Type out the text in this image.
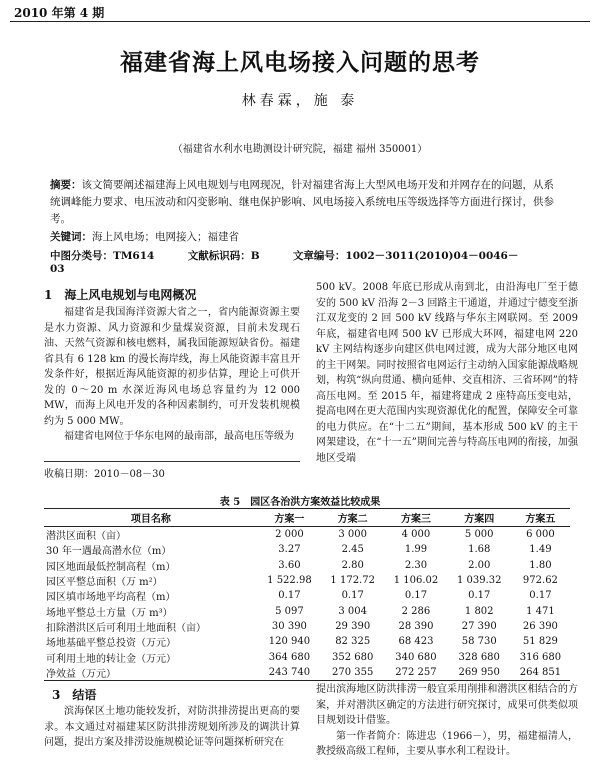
2010 年第 4 期
福建省海上风电场接入问题的思考
林春霖，施 泰
（福建省水利水电勘测设计研究院，福建 福州 350001）
摘要：该文简要阐述福建海上风电规划与电网现况，针对福建省海上大型风电场开发和并网存在的问题，从系统调峰能力要求、电压波动和闪变影响、继电保护影响、风电场接入系统电压等级选择等方面进行探讨，供参考。
关键词：海上风电场；电网接入；福建省
中图分类号：TM614	文献标识码：B	文章编号：1002－3011(2010)04－0046－03
1　海上风电规划与电网概况
福建省是我国海洋资源大省之一，省内能源资源主要是水力资源、风力资源和少量煤炭资源，目前未发现石油、天然气资源和核电燃料，属我国能源短缺省份。福建省具有 6 128 km 的漫长海岸线，海上风能资源丰富且开发条件好，根据近海风能资源的初步估算，理论上可供开发的 0～20 m 水深近海风电场总容量约为 12 000 MW，而海上风电开发的各种因素制约，可开发装机规模约为 5 000 MW。
福建省电网位于华东电网的最南部，最高电压等级为
收稿日期：2010－08－30
500 kV。2008 年底已形成从南到北，由沿海电厂至于德安的 500 kV 沿海 2－3 回路主干通道，并通过宁德变至浙江双龙变的 2 回 500 kV 线路与华东主网联网。至 2009 年底，福建省电网 500 kV 已形成大环网，福建电网 220 kV 主网结构逐步向建区供电网过渡，成为大部分地区电网的主干网架。同时按照省电网运行主动纳入国家能源战略规划，构筑“纵向贯通、横向延伸、交直相济、三省环网”的特高压电网。至 2015 年，福建将建成 2 座特高压变电站，提高电网在更大范围内实现资源优化的配置，保障安全可靠的电力供应。在“十二五”期间，基本形成 500 kV 的主干网架建设，在“十一五”期间完善与特高压电网的衔接，加强地区受端
表 5　园区各治洪方案效益比较成果
项目名称	方案一	方案二	方案三	方案四	方案五
潜洪区面积（亩）	2 000	3 000	4 000	5 000	6 000
30 年一遇最高潜水位（m）	3.27	2.45	1.99	1.68	1.49
园区地面最低控制高程（m）	3.60	2.80	2.30	2.00	1.80
园区平整总面积（万 m²）	1 522.98	1 172.72	1 106.02	1 039.32	972.62
园区填市场地平均高程（m）	0.17	0.17	0.17	0.17	0.17
场地平整总土方量（万 m³）	5 097	3 004	2 286	1 802	1 471
扣除潜洪区后可利用土地面积（亩）	30 390	29 390	28 390	27 390	26 390
场地基础平整总投资（万元）	120 940	82 325	68 423	58 730	51 829
可利用土地的转让金（万元）	364 680	352 680	340 680	328 680	316 680
净效益（万元）	243 740	270 355	272 257	269 950	264 851
3　结语
滨海保区土地功能较发折，对防洪排涝提出更高的要求。本文通过对福建某区防洪排涝规划所涉及的调洪计算问题，提出方案及排涝设施规模论证等问题探析研究在
提出滨海地区防洪排涝一般宜采用削排和潜洪区相结合的方案，并对潜洪区确定的方法进行研究探讨，成果可供类似项目规划设计借鉴。
第一作者简介：陈进忠（1966－），男，福建福清人，教授级高级工程师，主要从事水利工程设计。
